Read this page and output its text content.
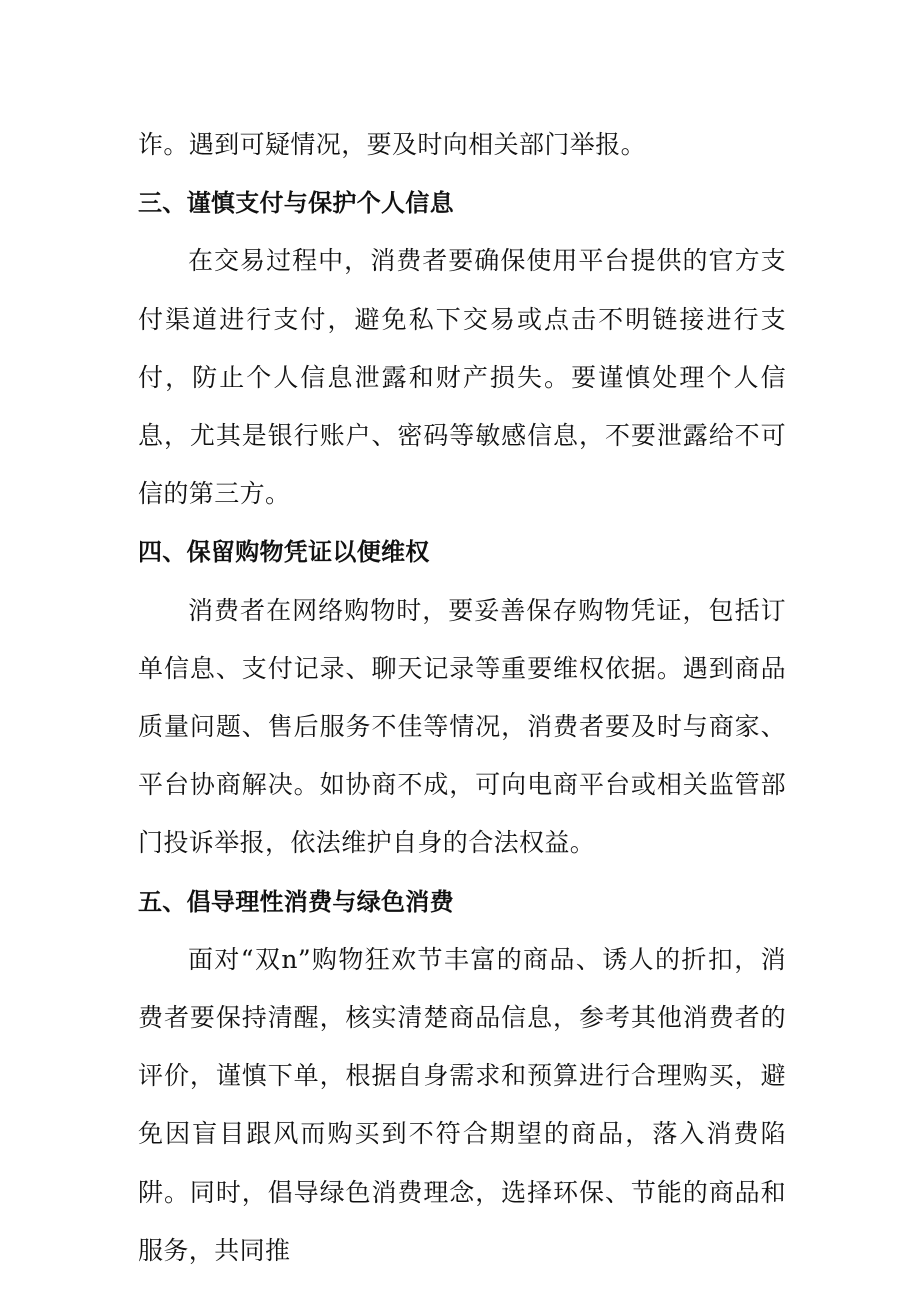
诈。遇到可疑情况，要及时向相关部门举报。

三、谨慎支付与保护个人信息

在交易过程中，消费者要确保使用平台提供的官方支付渠道进行支付，避免私下交易或点击不明链接进行支付，防止个人信息泄露和财产损失。要谨慎处理个人信息，尤其是银行账户、密码等敏感信息，不要泄露给不可信的第三方。

四、保留购物凭证以便维权

消费者在网络购物时，要妥善保存购物凭证，包括订单信息、支付记录、聊天记录等重要维权依据。遇到商品质量问题、售后服务不佳等情况，消费者要及时与商家、平台协商解决。如协商不成，可向电商平台或相关监管部门投诉举报，依法维护自身的合法权益。

五、倡导理性消费与绿色消费

面对“双n”购物狂欢节丰富的商品、诱人的折扣，消费者要保持清醒，核实清楚商品信息，参考其他消费者的评价，谨慎下单，根据自身需求和预算进行合理购买，避免因盲目跟风而购买到不符合期望的商品，落入消费陷阱。同时，倡导绿色消费理念，选择环保、节能的商品和服务，共同推
